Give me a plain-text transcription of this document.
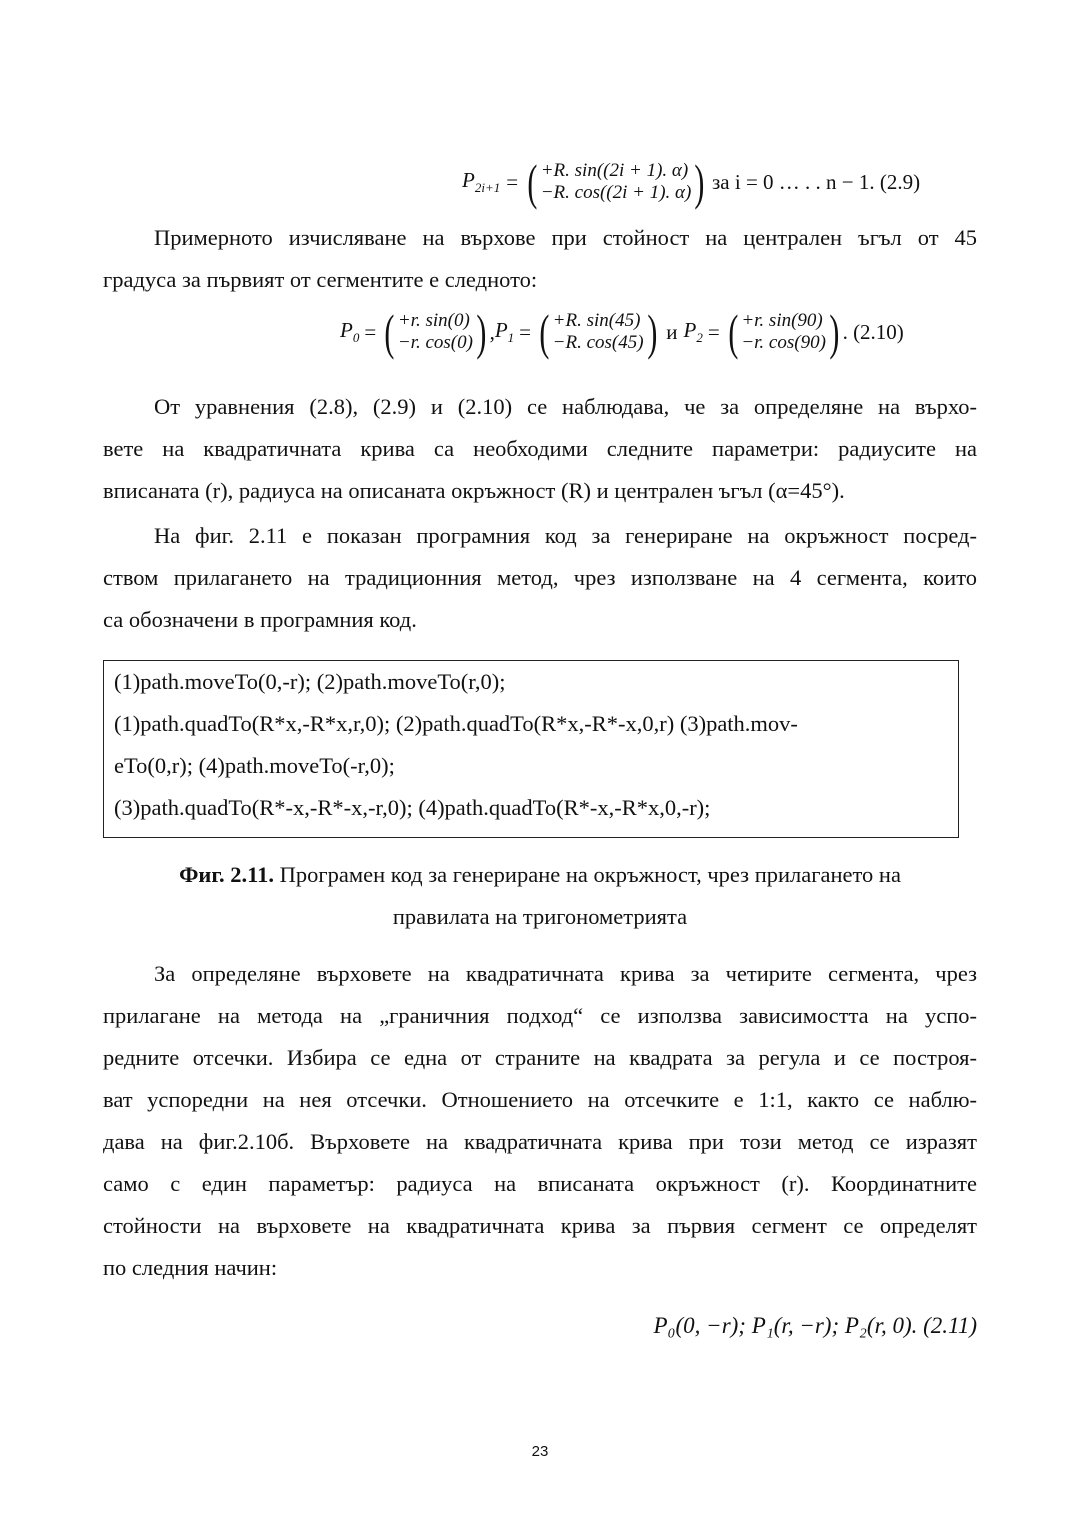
$P_{2i+1}$ = ( +R. sin((2i + 1). α)
−R. cos((2i + 1). α) ) за i = 0 … . . n − 1. (2.9)
Примерното изчисляване на върхове при стойност на централен ъгъл от 45
градуса за първият от сегментите е следното:
$P_0$ = ( +r. sin(0)
−r. cos(0) ) , $P_1$ = ( +R. sin(45)
−R. cos(45) ) и $P_2$ = ( +r. sin(90)
−r. cos(90) ) . (2.10)
От уравнения (2.8), (2.9) и (2.10) се наблюдава, че за определяне на върхо-
вете на квадратичната крива са необходими следните параметри: радиусите на
вписаната (r), радиуса на описаната окръжност (R) и централен ъгъл (α=45°).
На фиг. 2.11 е показан програмния код за генериране на окръжност посред-
ством прилагането на традиционния метод, чрез използване на 4 сегмента, които
са обозначени в програмния код.
(1)path.moveTo(0,-r); (2)path.moveTo(r,0);
(1)path.quadTo(R*x,-R*x,r,0); (2)path.quadTo(R*x,-R*-x,0,r) (3)path.mov-
eTo(0,r); (4)path.moveTo(-r,0);
(3)path.quadTo(R*-x,-R*-x,-r,0); (4)path.quadTo(R*-x,-R*x,0,-r);
Фиг. 2.11. Програмен код за генериране на окръжност, чрез прилагането на
правилата на тригонометрията
За определяне върховете на квадратичната крива за четирите сегмента, чрез
прилагане на метода на „граничния подход“ се използва зависимостта на успо-
редните отсечки. Избира се една от страните на квадрата за регула и се построя-
ват успоредни на нея отсечки. Отношението на отсечките е 1:1, както се наблю-
дава на фиг.2.10б. Върховете на квадратичната крива при този метод се изразят
само с един параметър: радиуса на вписаната окръжност (r). Координатните
стойности на върховете на квадратичната крива за първия сегмент се определят
по следния начин:
P₀(0, −r); P₁(r, −r); P₂(r, 0). (2.11)
23
